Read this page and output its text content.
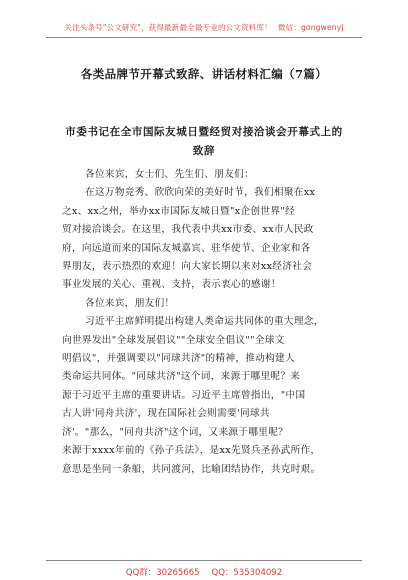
关注头条号"公文研究"，获得最新最全最专业的公文资料库！ 微信：gongwenyj
各类品牌节开幕式致辞、讲话材料汇编（7篇）
市委书记在全市国际友城日暨经贸对接洽谈会开幕式上的
致辞

各位来宾，女士们、先生们、朋友们：

在这万物竞秀、欣欣向荣的美好时节，我们相聚在xx

之x、xx之州，举办xx市国际友城日暨"x企创世界"经

贸对接洽谈会。在这里，我代表中共xx市委、xx市人民政

府，向远道而来的国际友城嘉宾、驻华使节、企业家和各

界朋友，表示热烈的欢迎！向大家长期以来对xx经济社会

事业发展的关心、重视、支持，表示衷心的感谢！

各位来宾，朋友们！

习近平主席鲜明提出构建人类命运共同体的重大理念，

向世界发出"全球发展倡议""全球安全倡议""全球文

明倡议"，并强调要以"同球共济"的精神，推动构建人

类命运共同体。"同球共济"这个词，来源于哪里呢？来

源于习近平主席的重要讲话。习近平主席曾指出，"中国

古人讲'同舟共济'，现在国际社会则需要'同球共

济'。"那么，"同舟共济"这个词，又来源于哪里呢？

来源于xxxx年前的《孙子兵法》，是xx先贤兵圣孙武所作，

意思是坐同一条船，共同渡河，比喻团结协作，共克时艰。

QQ群：30265665 QQ：535304092
